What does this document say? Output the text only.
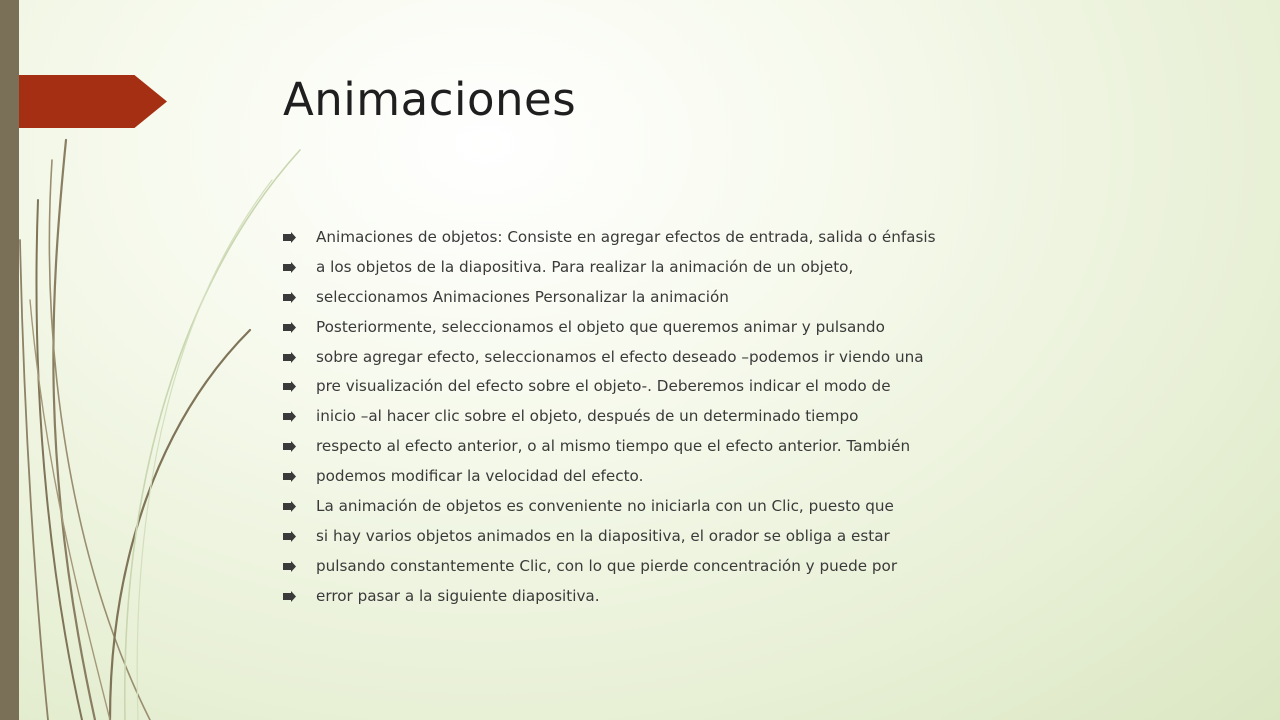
Animaciones
Animaciones de objetos: Consiste en agregar efectos de entrada, salida o énfasis
a los objetos de la diapositiva. Para realizar la animación de un objeto,
seleccionamos Animaciones Personalizar la animación
Posteriormente, seleccionamos el objeto que queremos animar y pulsando
sobre agregar efecto, seleccionamos el efecto deseado –podemos ir viendo una
pre visualización del efecto sobre el objeto-. Deberemos indicar el modo de
inicio –al hacer clic sobre el objeto, después de un determinado tiempo
respecto al efecto anterior, o al mismo tiempo que el efecto anterior. También
podemos modificar la velocidad del efecto.
La animación de objetos es conveniente no iniciarla con un Clic, puesto que
si hay varios objetos animados en la diapositiva, el orador se obliga a estar
pulsando constantemente Clic, con lo que pierde concentración y puede por
error pasar a la siguiente diapositiva.
